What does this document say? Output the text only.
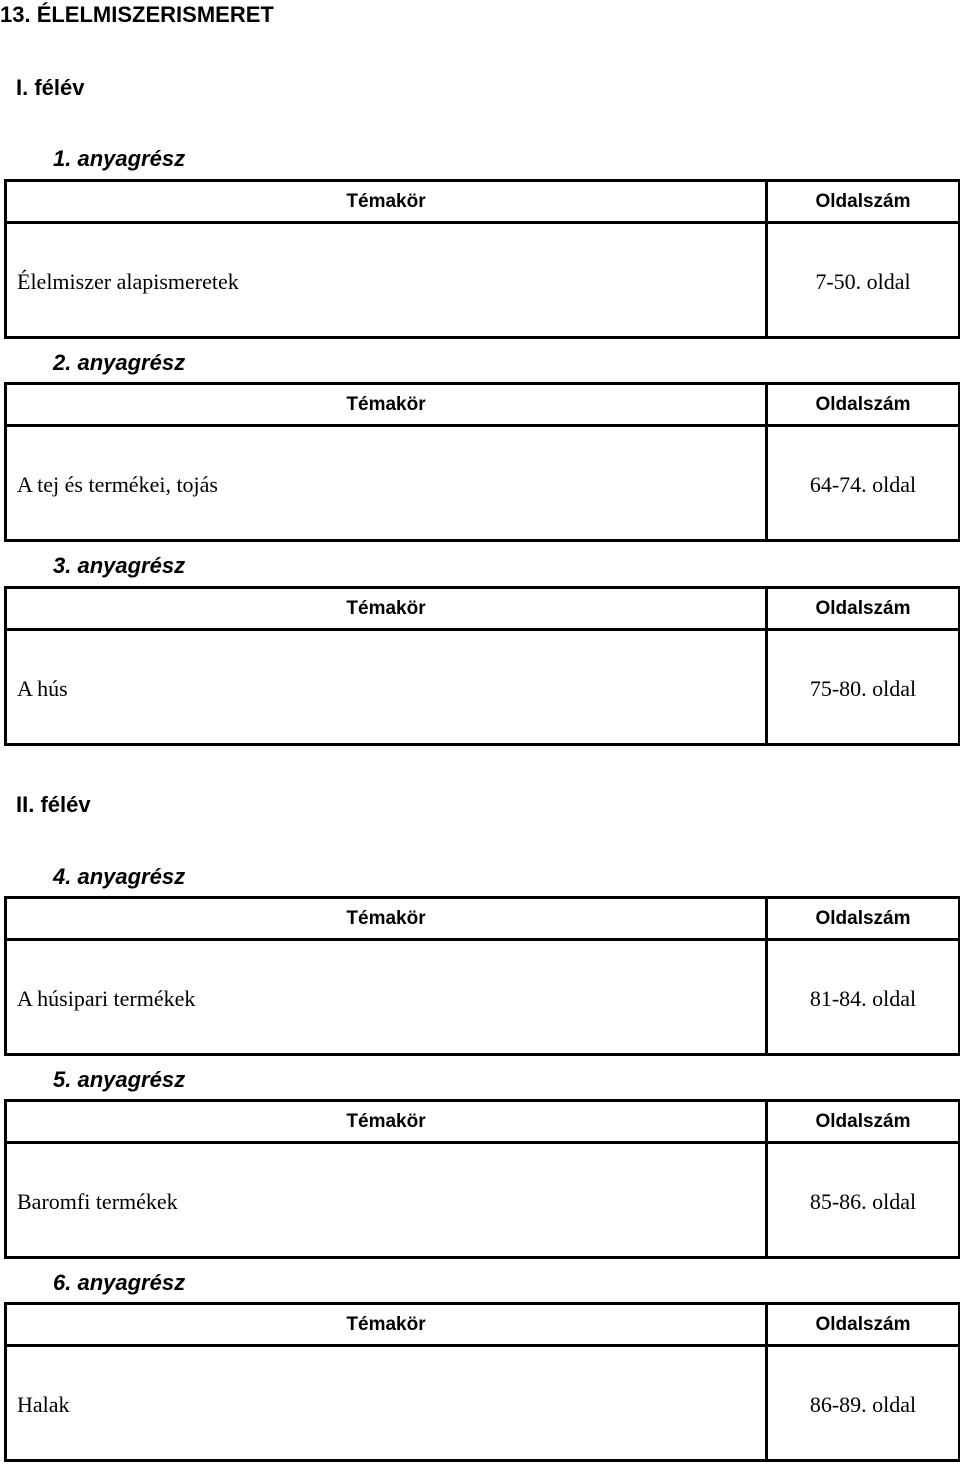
13. ÉLELMISZERISMERET
I. félév
1. anyagrész
Témakör	Oldalszám

Élelmiszer alapismeretek	7-50. oldal
2. anyagrész
Témakör	Oldalszám

A tej és termékei, tojás	64-74. oldal
3. anyagrész
Témakör	Oldalszám

A hús	75-80. oldal
II. félév
4. anyagrész
Témakör	Oldalszám

A húsipari termékek	81-84. oldal
5. anyagrész
Témakör	Oldalszám

Baromfi termékek	85-86. oldal
6. anyagrész
Témakör	Oldalszám

Halak	86-89. oldal
